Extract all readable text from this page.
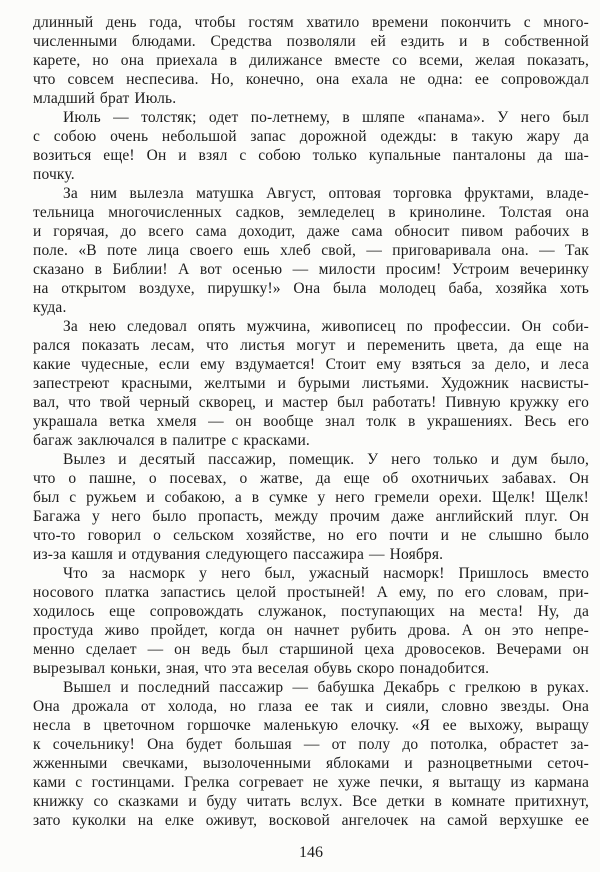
длинный день года, чтобы гостям хватило времени покончить с много-
численными блюдами. Средства позволяли ей ездить и в собственной
карете, но она приехала в дилижансе вместе со всеми, желая показать,
что совсем неспесива. Но, конечно, она ехала не одна: ее сопровождал
младший брат Июль.
Июль — толстяк; одет по-летнему, в шляпе «панама». У него был
с собою очень небольшой запас дорожной одежды: в такую жару да
возиться еще! Он и взял с собою только купальные панталоны да ша-
почку.
За ним вылезла матушка Август, оптовая торговка фруктами, владе-
тельница многочисленных садков, земледелец в кринолине. Толстая она
и горячая, до всего сама доходит, даже сама обносит пивом рабочих в
поле. «В поте лица своего ешь хлеб свой, — приговаривала она. — Так
сказано в Библии! А вот осенью — милости просим! Устроим вечеринку
на открытом воздухе, пирушку!» Она была молодец баба, хозяйка хоть
куда.
За нею следовал опять мужчина, живописец по профессии. Он соби-
рался показать лесам, что листья могут и переменить цвета, да еще на
какие чудесные, если ему вздумается! Стоит ему взяться за дело, и леса
запестреют красными, желтыми и бурыми листьями. Художник насвисты-
вал, что твой черный скворец, и мастер был работать! Пивную кружку его
украшала ветка хмеля — он вообще знал толк в украшениях. Весь его
багаж заключался в палитре с красками.
Вылез и десятый пассажир, помещик. У него только и дум было,
что о пашне, о посевах, о жатве, да еще об охотничьих забавах. Он
был с ружьем и собакою, а в сумке у него гремели орехи. Щелк! Щелк!
Багажа у него было пропасть, между прочим даже английский плуг. Он
что-то говорил о сельском хозяйстве, но его почти и не слышно было
из-за кашля и отдувания следующего пассажира — Ноября.
Что за насморк у него был, ужасный насморк! Пришлось вместо
носового платка запастись целой простыней! А ему, по его словам, при-
ходилось еще сопровождать служанок, поступающих на места! Ну, да
простуда живо пройдет, когда он начнет рубить дрова. А он это непре-
менно сделает — он ведь был старшиной цеха дровосеков. Вечерами он
вырезывал коньки, зная, что эта веселая обувь скоро понадобится.
Вышел и последний пассажир — бабушка Декабрь с грелкою в руках.
Она дрожала от холода, но глаза ее так и сияли, словно звезды. Она
несла в цветочном горшочке маленькую елочку. «Я ее выхожу, выращу
к сочельнику! Она будет большая — от полу до потолка, обрастет за-
жженными свечками, вызолоченными яблоками и разноцветными сеточ-
ками с гостинцами. Грелка согревает не хуже печки, я вытащу из кармана
книжку со сказками и буду читать вслух. Все детки в комнате притихнут,
зато куколки на елке оживут, восковой ангелочек на самой верхушке ее
146
